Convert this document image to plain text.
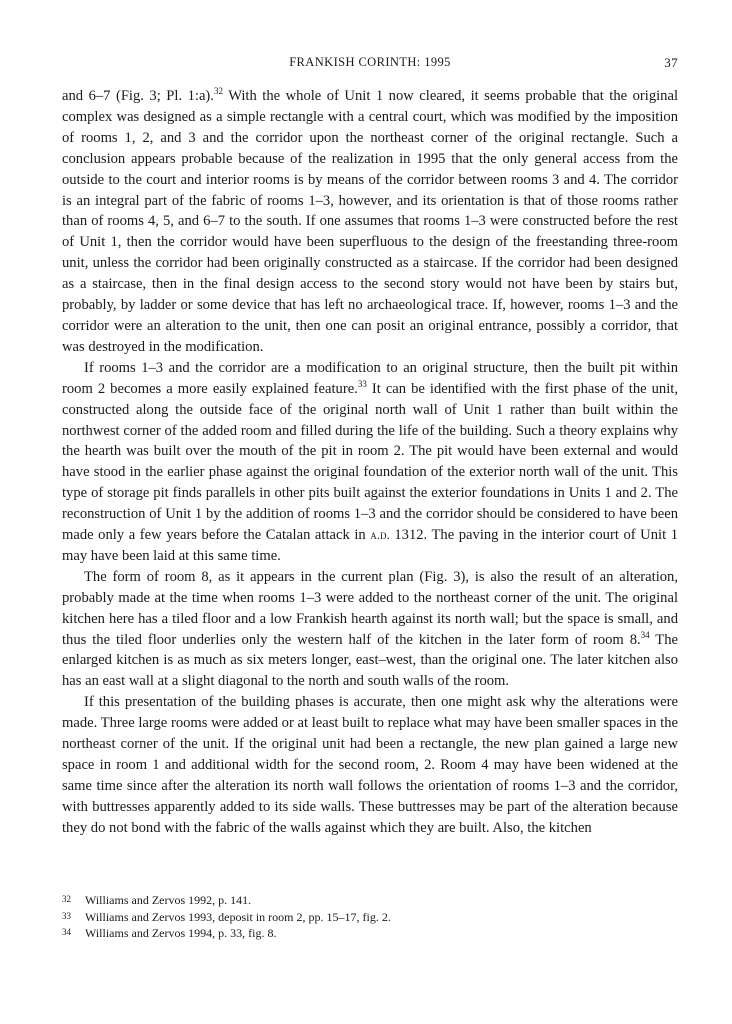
FRANKISH CORINTH: 1995	37

and 6–7 (Fig. 3; Pl. 1:a).$^{32}$ With the whole of Unit 1 now cleared, it seems probable that the original complex was designed as a simple rectangle with a central court, which was modified by the imposition of rooms 1, 2, and 3 and the corridor upon the northeast corner of the original rectangle. Such a conclusion appears probable because of the realization in 1995 that the only general access from the outside to the court and interior rooms is by means of the corridor between rooms 3 and 4. The corridor is an integral part of the fabric of rooms 1–3, however, and its orientation is that of those rooms rather than of rooms 4, 5, and 6–7 to the south. If one assumes that rooms 1–3 were constructed before the rest of Unit 1, then the corridor would have been superfluous to the design of the freestanding three-room unit, unless the corridor had been originally constructed as a staircase. If the corridor had been designed as a staircase, then in the final design access to the second story would not have been by stairs but, probably, by ladder or some device that has left no archaeological trace. If, however, rooms 1–3 and the corridor were an alteration to the unit, then one can posit an original entrance, possibly a corridor, that was destroyed in the modification.

If rooms 1–3 and the corridor are a modification to an original structure, then the built pit within room 2 becomes a more easily explained feature.$^{33}$ It can be identified with the first phase of the unit, constructed along the outside face of the original north wall of Unit 1 rather than built within the northwest corner of the added room and filled during the life of the building. Such a theory explains why the hearth was built over the mouth of the pit in room 2. The pit would have been external and would have stood in the earlier phase against the original foundation of the exterior north wall of the unit. This type of storage pit finds parallels in other pits built against the exterior foundations in Units 1 and 2. The reconstruction of Unit 1 by the addition of rooms 1–3 and the corridor should be considered to have been made only a few years before the Catalan attack in a.d. 1312. The paving in the interior court of Unit 1 may have been laid at this same time.

The form of room 8, as it appears in the current plan (Fig. 3), is also the result of an alteration, probably made at the time when rooms 1–3 were added to the northeast corner of the unit. The original kitchen here has a tiled floor and a low Frankish hearth against its north wall; but the space is small, and thus the tiled floor underlies only the western half of the kitchen in the later form of room 8.34 The enlarged kitchen is as much as six meters longer, east–west, than the original one. The later kitchen also has an east wall at a slight diagonal to the north and south walls of the room.

If this presentation of the building phases is accurate, then one might ask why the alterations were made. Three large rooms were added or at least built to replace what may have been smaller spaces in the northeast corner of the unit. If the original unit had been a rectangle, the new plan gained a large new space in room 1 and additional width for the second room, 2. Room 4 may have been widened at the same time since after the alteration its north wall follows the orientation of rooms 1–3 and the corridor, with buttresses apparently added to its side walls. These buttresses may be part of the alteration because they do not bond with the fabric of the walls against which they are built. Also, the kitchen

32 Williams and Zervos 1992, p. 141.

33 Williams and Zervos 1993, deposit in room 2, pp. 15–17, fig. 2.

34 Williams and Zervos 1994, p. 33, fig. 8.
